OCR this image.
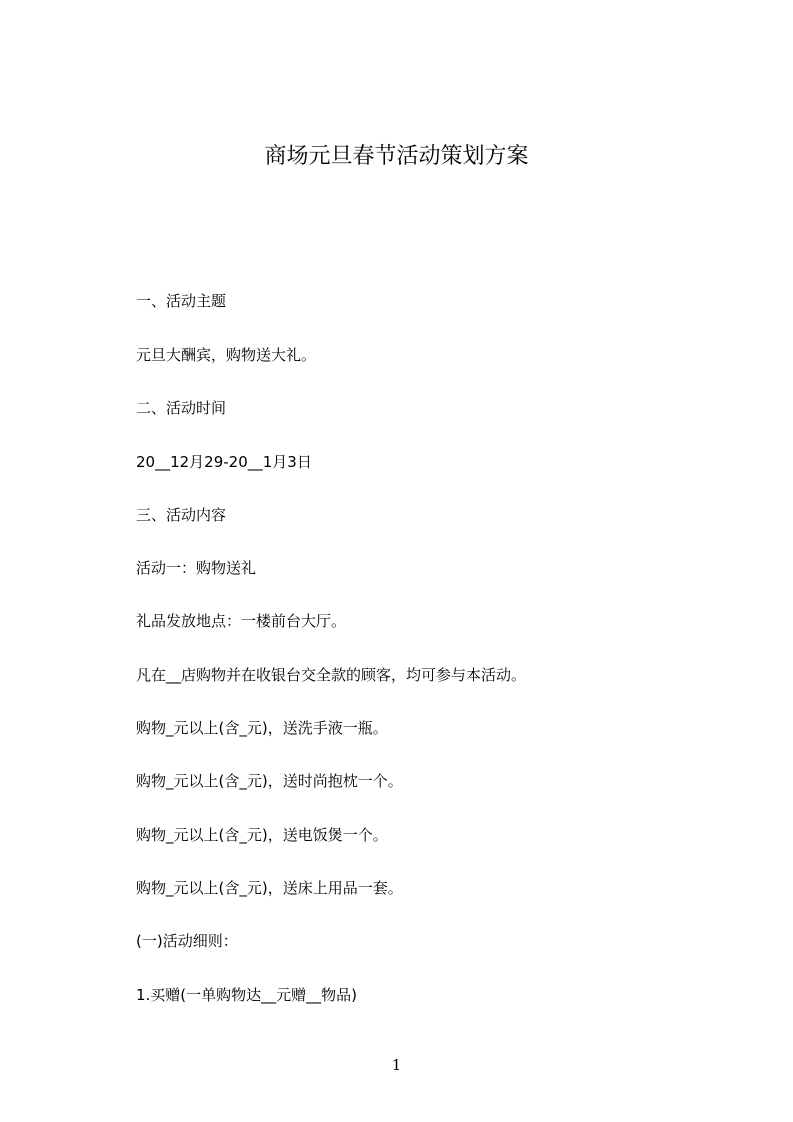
商场元旦春节活动策划方案
一、活动主题
元旦大酬宾，购物送大礼。
二、活动时间
20__12月29-20__1月3日
三、活动内容
活动一：购物送礼
礼品发放地点：一楼前台大厅。
凡在__店购物并在收银台交全款的顾客，均可参与本活动。
购物_元以上(含_元)，送洗手液一瓶。
购物_元以上(含_元)，送时尚抱枕一个。
购物_元以上(含_元)，送电饭煲一个。
购物_元以上(含_元)，送床上用品一套。
(一)活动细则：
1.买赠(一单购物达__元赠__物品)
1
